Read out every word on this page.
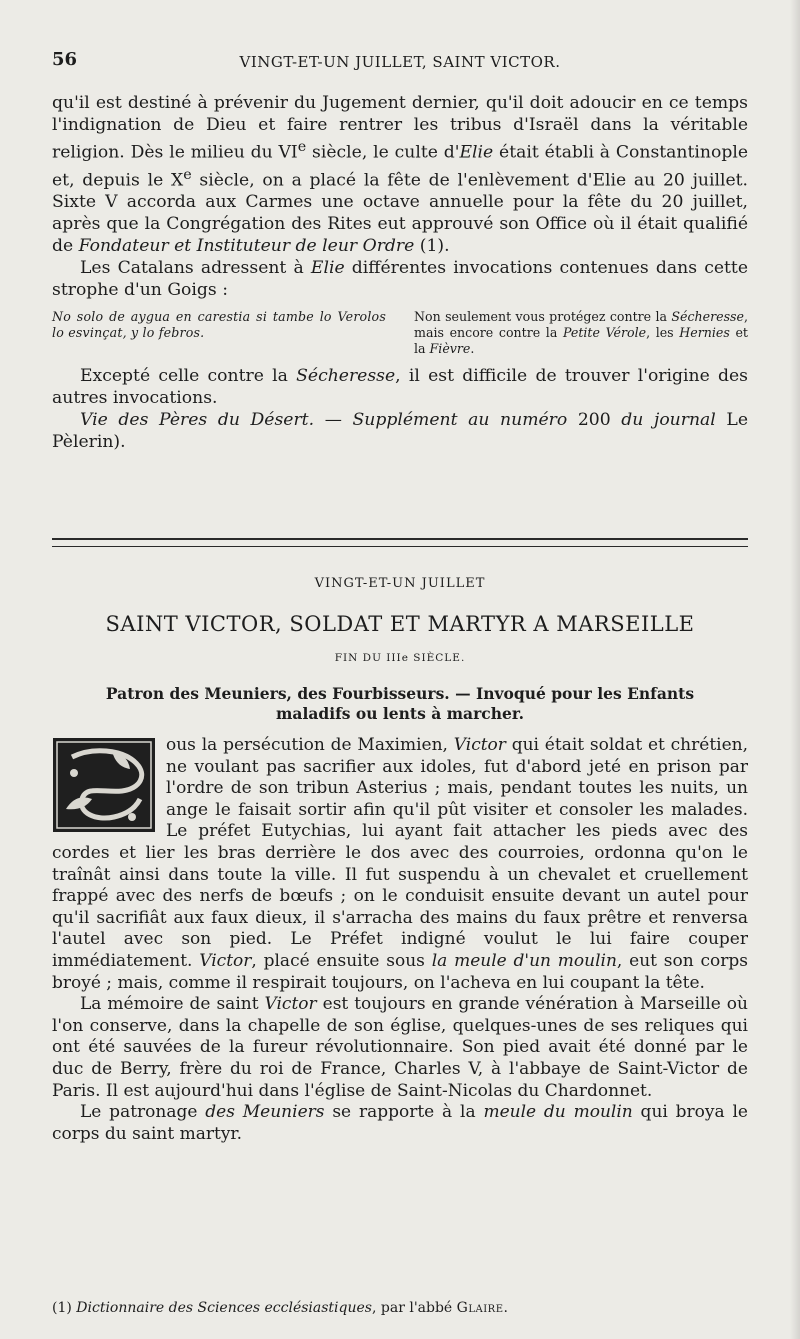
56	VINGT-ET-UN JUILLET, SAINT VICTOR.

qu'il est destiné à prévenir du Jugement dernier, qu'il doit adoucir en ce temps l'indignation de Dieu et faire rentrer les tribus d'Israël dans la véritable religion. Dès le milieu du VIe siècle, le culte d'Elie était établi à Constantinople et, depuis le Xe siècle, on a placé la fête de l'enlèvement d'Elie au 20 juillet. Sixte V accorda aux Carmes une octave annuelle pour la fête du 20 juillet, après que la Congrégation des Rites eut approuvé son Office où il était qualifié de Fondateur et Instituteur de leur Ordre (1).

Les Catalans adressent à Elie différentes invocations contenues dans cette strophe d'un Goigs :

No solo de aygua en carestia si tambe lo Verolos lo esvinçat, y lo febros.
Non seulement vous protégez contre la Sécheresse, mais encore contre la Petite Vérole, les Hernies et la Fièvre.

Excepté celle contre la Sécheresse, il est difficile de trouver l'origine des autres invocations.

Vie des Pères du Désert. — Supplément au numéro 200 du journal Le Pèlerin).

VINGT-ET-UN JUILLET
SAINT VICTOR, SOLDAT ET MARTYR A MARSEILLE
FIN DU IIIe SIÈCLE.
Patron des Meuniers, des Fourbisseurs. — Invoqué pour les Enfants maladifs ou lents à marcher.

ous la persécution de Maximien, Victor qui était soldat et chrétien, ne voulant pas sacrifier aux idoles, fut d'abord jeté en prison par l'ordre de son tribun Asterius ; mais, pendant toutes les nuits, un ange le faisait sortir afin qu'il pût visiter et consoler les malades. Le préfet Eutychias, lui ayant fait attacher les pieds avec des cordes et lier les bras derrière le dos avec des courroies, ordonna qu'on le traînât ainsi dans toute la ville. Il fut suspendu à un chevalet et cruellement frappé avec des nerfs de bœufs ; on le conduisit ensuite devant un autel pour qu'il sacrifiât aux faux dieux, il s'arracha des mains du faux prêtre et renversa l'autel avec son pied. Le Préfet indigné voulut le lui faire couper immédiatement. Victor, placé ensuite sous la meule d'un moulin, eut son corps broyé ; mais, comme il respirait toujours, on l'acheva en lui coupant la tête.

La mémoire de saint Victor est toujours en grande vénération à Marseille où l'on conserve, dans la chapelle de son église, quelques-unes de ses reliques qui ont été sauvées de la fureur révolutionnaire. Son pied avait été donné par le duc de Berry, frère du roi de France, Charles V, à l'abbaye de Saint-Victor de Paris. Il est aujourd'hui dans l'église de Saint-Nicolas du Chardonnet.

Le patronage des Meuniers se rapporte à la meule du moulin qui broya le corps du saint martyr.

(1) Dictionnaire des Sciences ecclésiastiques, par l'abbé Glaire.
